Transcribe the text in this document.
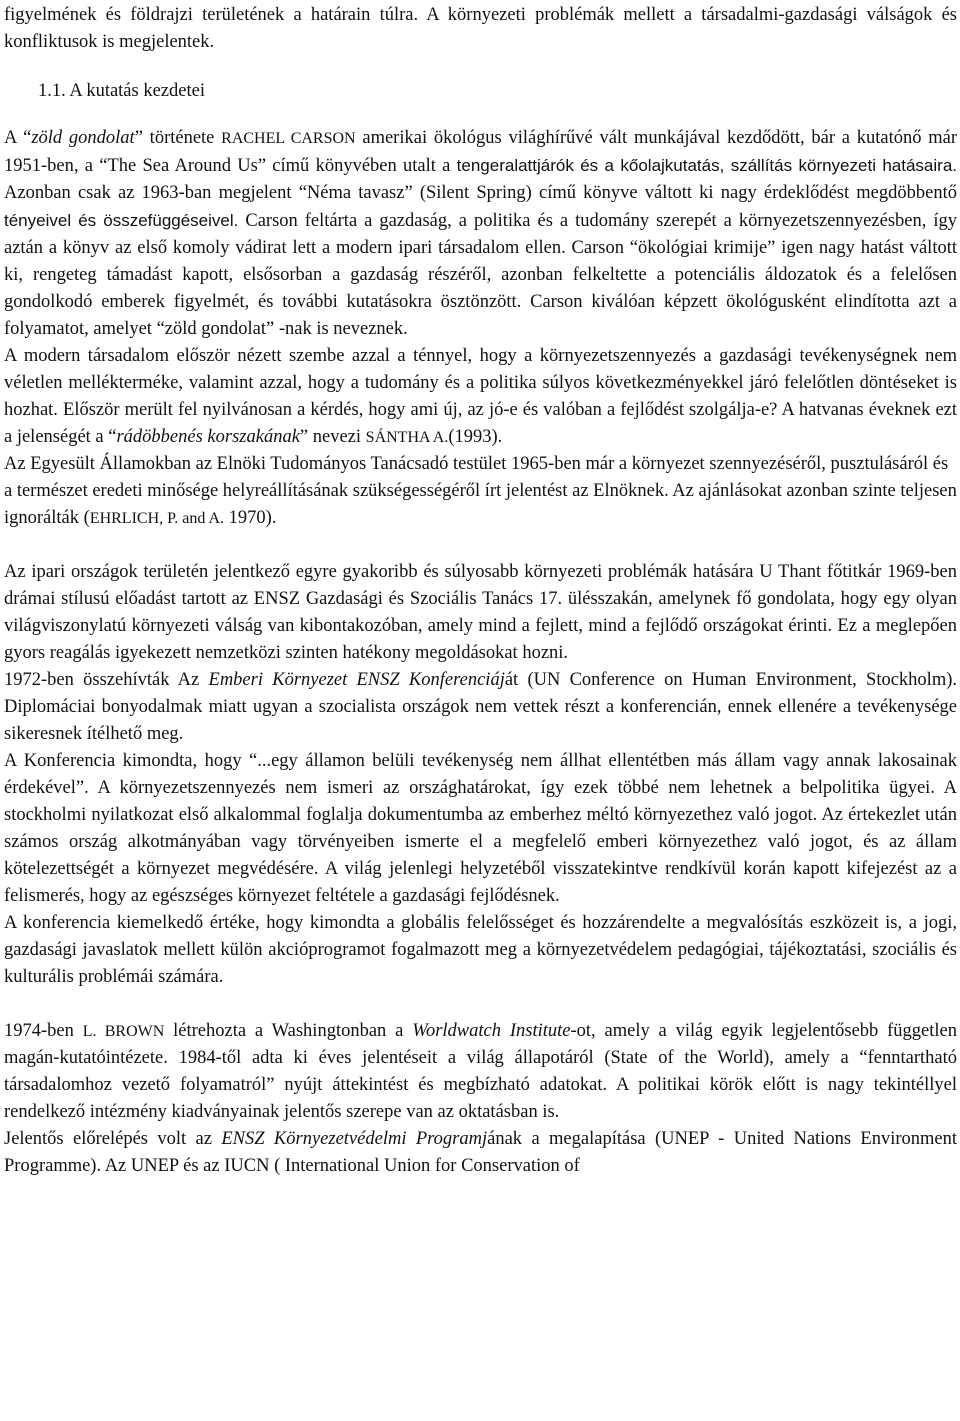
figyelmének és földrajzi területének a határain túlra. A környezeti problémák mellett a társadalmi-gazdasági válságok és konfliktusok is megjelentek.

1.1. A kutatás kezdetei

A “zöld gondolat” története RACHEL CARSON amerikai ökológus világhírűvé vált munkájával kezdődött, bár a kutatónő már 1951-ben, a “The Sea Around Us” című könyvében utalt a tengeralattjárók és a kőolajkutatás, szállítás környezeti hatásaira. Azonban csak az 1963-ban megjelent “Néma tavasz” (Silent Spring) című könyve váltott ki nagy érdeklődést megdöbbentő tényeivel és összefüggéseivel. Carson feltárta a gazdaság, a politika és a tudomány szerepét a környezetszennyezésben, így aztán a könyv az első komoly vádirat lett a modern ipari társadalom ellen. Carson “ökológiai krimije” igen nagy hatást váltott ki, rengeteg támadást kapott, elsősorban a gazdaság részéről, azonban felkeltette a potenciális áldozatok és a felelősen gondolkodó emberek figyelmét, és további kutatásokra ösztönzött. Carson kiválóan képzett ökológusként elindította azt a folyamatot, amelyet “zöld gondolat” -nak is neveznek.

A modern társadalom először nézett szembe azzal a ténnyel, hogy a környezetszennyezés a gazdasági tevékenységnek nem véletlen mellékterméke, valamint azzal, hogy a tudomány és a politika súlyos következményekkel járó felelőtlen döntéseket is hozhat. Először merült fel nyilvánosan a kérdés, hogy ami új, az jó-e és valóban a fejlődést szolgálja-e? A hatvanas éveknek ezt a jelenségét a “rádöbbenés korszakának” nevezi SÁNTHA A.(1993).

Az Egyesült Államokban az Elnöki Tudományos Tanácsadó testület 1965-ben már a környezet szennyezéséről, pusztulásáról és a természet eredeti minősége helyreállításának szükségességéről írt jelentést az Elnöknek. Az ajánlásokat azonban szinte teljesen ignorálták (EHRLICH, P. and A. 1970).

Az ipari országok területén jelentkező egyre gyakoribb és súlyosabb környezeti problémák hatására U Thant főtitkár 1969-ben drámai stílusú előadást tartott az ENSZ Gazdasági és Szociális Tanács 17. ülésszakán, amelynek fő gondolata, hogy egy olyan világviszonylatú környezeti válság van kibontakozóban, amely mind a fejlett, mind a fejlődő országokat érinti. Ez a meglepően gyors reagálás igyekezett nemzetközi szinten hatékony megoldásokat hozni.

1972-ben összehívták Az Emberi Környezet ENSZ Konferenciáját (UN Conference on Human Environment, Stockholm). Diplomáciai bonyodalmak miatt ugyan a szocialista országok nem vettek részt a konferencián, ennek ellenére a tevékenysége sikeresnek ítélhető meg.

A Konferencia kimondta, hogy “...egy államon belüli tevékenység nem állhat ellentétben más állam vagy annak lakosainak érdekével”. A környezetszennyezés nem ismeri az országhatárokat, így ezek többé nem lehetnek a belpolitika ügyei. A stockholmi nyilatkozat első alkalommal foglalja dokumentumba az emberhez méltó környezethez való jogot. Az értekezlet után számos ország alkotmányában vagy törvényeiben ismerte el a megfelelő emberi környezethez való jogot, és az állam kötelezettségét a környezet megvédésére. A világ jelenlegi helyzetéből visszatekintve rendkívül korán kapott kifejezést az a felismerés, hogy az egészséges környezet feltétele a gazdasági fejlődésnek.

A konferencia kiemelkedő értéke, hogy kimondta a globális felelősséget és hozzárendelte a megvalósítás eszközeit is, a jogi, gazdasági javaslatok mellett külön akcióprogramot fogalmazott meg a környezetvédelem pedagógiai, tájékoztatási, szociális és kulturális problémái számára.

1974-ben L. BROWN létrehozta a Washingtonban a Worldwatch Institute-ot, amely a világ egyik legjelentősebb független magán-kutatóintézete. 1984-től adta ki éves jelentéseit a világ állapotáról (State of the World), amely a “fenntartható társadalomhoz vezető folyamatról” nyújt áttekintést és megbízható adatokat. A politikai körök előtt is nagy tekintéllyel rendelkező intézmény kiadványainak jelentős szerepe van az oktatásban is.

Jelentős előrelépés volt az ENSZ Környezetvédelmi Programjának a megalapítása (UNEP - United Nations Environment Programme). Az UNEP és az IUCN ( International Union for Conservation of
